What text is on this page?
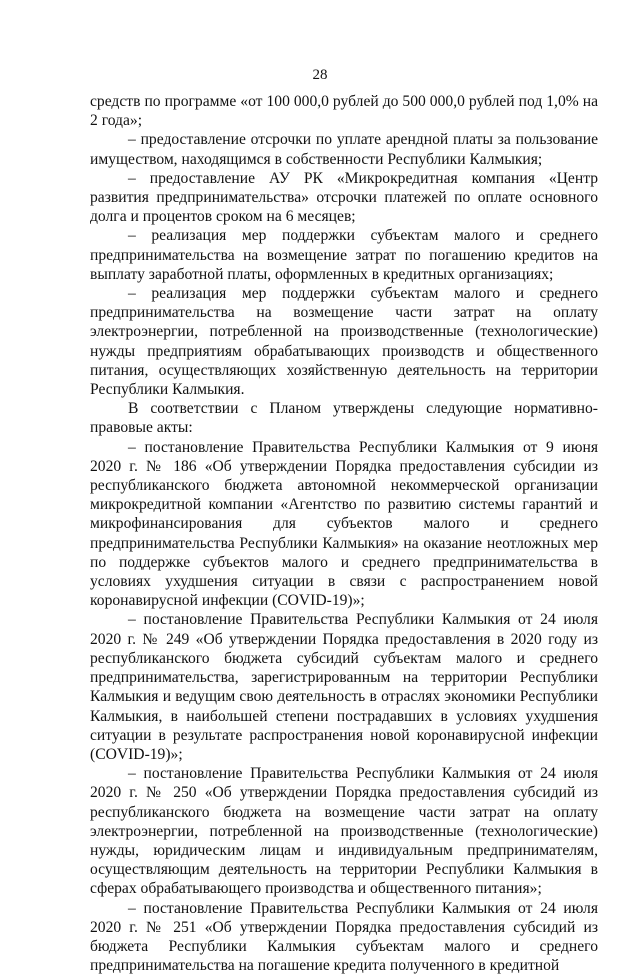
28

средств по программе «от 100 000,0 рублей до 500 000,0 рублей под 1,0% на 2 года»;

– предоставление отсрочки по уплате арендной платы за пользование имуществом, находящимся в собственности Республики Калмыкия;

– предоставление АУ РК «Микрокредитная компания «Центр развития предпринимательства» отсрочки платежей по оплате основного долга и процентов сроком на 6 месяцев;

– реализация мер поддержки субъектам малого и среднего предпринимательства на возмещение затрат по погашению кредитов на выплату заработной платы, оформленных в кредитных организациях;

– реализация мер поддержки субъектам малого и среднего предпринимательства на возмещение части затрат на оплату электроэнергии, потребленной на производственные (технологические) нужды предприятиям обрабатывающих производств и общественного питания, осуществляющих хозяйственную деятельность на территории Республики Калмыкия.

В соответствии с Планом утверждены следующие нормативно-правовые акты:

– постановление Правительства Республики Калмыкия от 9 июня 2020 г. № 186 «Об утверждении Порядка предоставления субсидии из республиканского бюджета автономной некоммерческой организации микрокредитной компании «Агентство по развитию системы гарантий и микрофинансирования для субъектов малого и среднего предпринимательства Республики Калмыкия» на оказание неотложных мер по поддержке субъектов малого и среднего предпринимательства в условиях ухудшения ситуации в связи с распространением новой коронавирусной инфекции (COVID-19)»;

– постановление Правительства Республики Калмыкия от 24 июля 2020 г. № 249 «Об утверждении Порядка предоставления в 2020 году из республиканского бюджета субсидий субъектам малого и среднего предпринимательства, зарегистрированным на территории Республики Калмыкия и ведущим свою деятельность в отраслях экономики Республики Калмыкия, в наибольшей степени пострадавших в условиях ухудшения ситуации в результате распространения новой коронавирусной инфекции (COVID-19)»;

– постановление Правительства Республики Калмыкия от 24 июля 2020 г. № 250 «Об утверждении Порядка предоставления субсидий из республиканского бюджета на возмещение части затрат на оплату электроэнергии, потребленной на производственные (технологические) нужды, юридическим лицам и индивидуальным предпринимателям, осуществляющим деятельность на территории Республики Калмыкия в сферах обрабатывающего производства и общественного питания»;

– постановление Правительства Республики Калмыкия от 24 июля 2020 г. № 251 «Об утверждении Порядка предоставления субсидий из бюджета Республики Калмыкия субъектам малого и среднего предпринимательства на погашение кредита полученного в кредитной
